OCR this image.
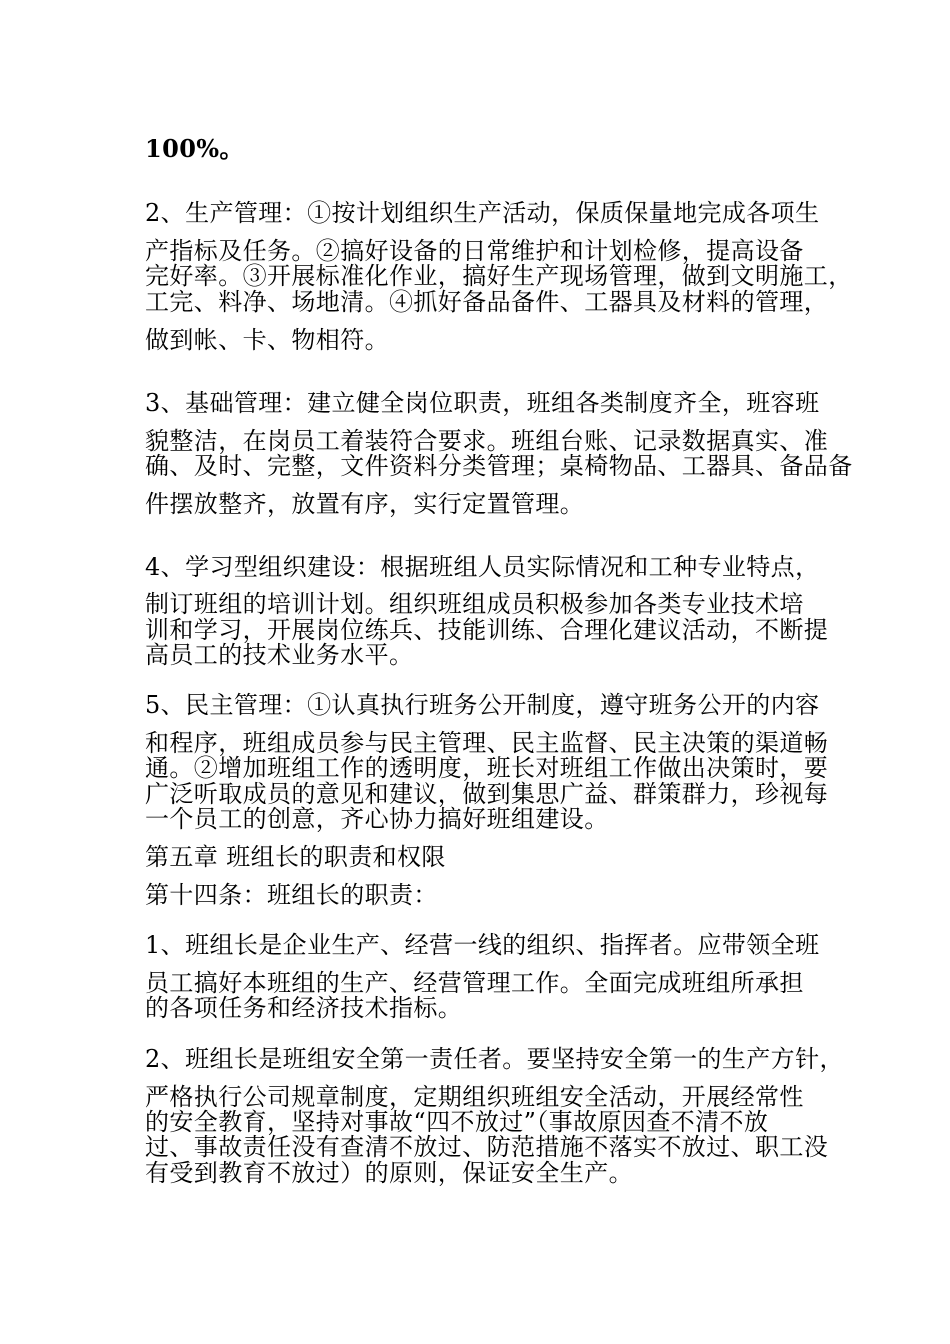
100%。
2、生产管理：①按计划组织生产活动，保质保量地完成各项生
产指标及任务。②搞好设备的日常维护和计划检修，提高设备
完好率。③开展标准化作业，搞好生产现场管理，做到文明施工，
工完、料净、场地清。④抓好备品备件、工器具及材料的管理，
做到帐、卡、物相符。
3、基础管理：建立健全岗位职责，班组各类制度齐全，班容班
貌整洁，在岗员工着装符合要求。班组台账、记录数据真实、准
确、及时、完整，文件资料分类管理；桌椅物品、工器具、备品备
件摆放整齐，放置有序，实行定置管理。
4、学习型组织建设：根据班组人员实际情况和工种专业特点，
制订班组的培训计划。组织班组成员积极参加各类专业技术培
训和学习，开展岗位练兵、技能训练、合理化建议活动，不断提
高员工的技术业务水平。
5、民主管理：①认真执行班务公开制度，遵守班务公开的内容
和程序，班组成员参与民主管理、民主监督、民主决策的渠道畅
通。②增加班组工作的透明度，班长对班组工作做出决策时，要
广泛听取成员的意见和建议，做到集思广益、群策群力，珍视每
一个员工的创意，齐心协力搞好班组建设。
第五章 班组长的职责和权限
第十四条：班组长的职责：
1、班组长是企业生产、经营一线的组织、指挥者。应带领全班
员工搞好本班组的生产、经营管理工作。全面完成班组所承担
的各项任务和经济技术指标。
2、班组长是班组安全第一责任者。要坚持安全第一的生产方针，
严格执行公司规章制度，定期组织班组安全活动，开展经常性
的安全教育，坚持对事故“四不放过”（事故原因查不清不放
过、事故责任没有查清不放过、防范措施不落实不放过、职工没
有受到教育不放过）的原则，保证安全生产。
